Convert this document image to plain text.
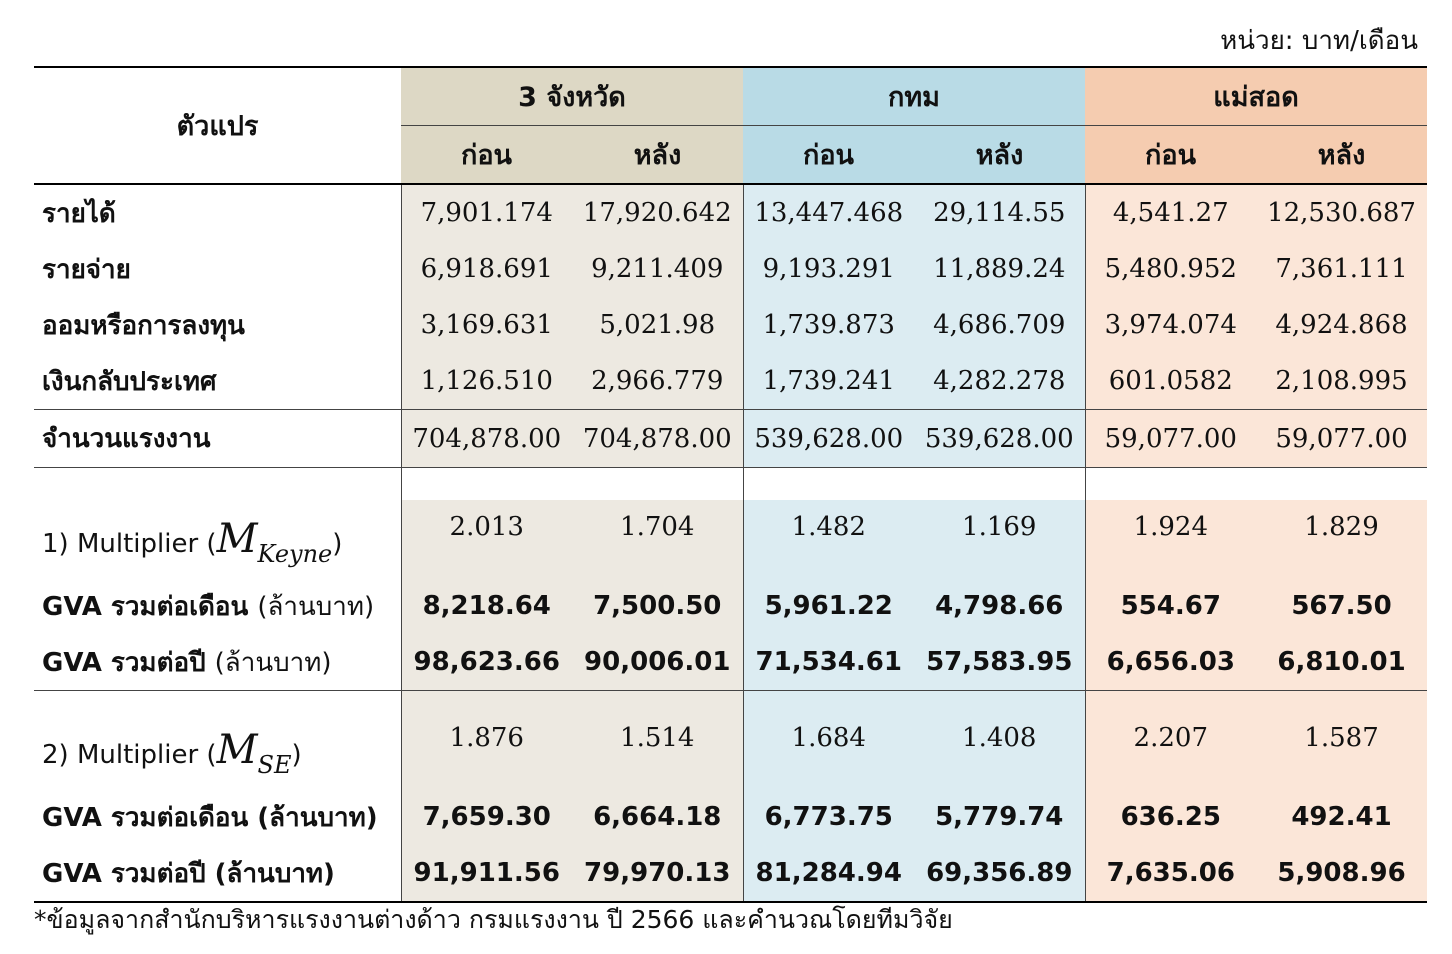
หน่วย: บาท/เดือน
ตัวแปร	3 จังหวัด		กทม		แม่สอด	
	ก่อน	หลัง	ก่อน	หลัง	ก่อน	หลัง
รายได้	7,901.174	17,920.642	13,447.468	29,114.55	4,541.27	12,530.687
รายจ่าย	6,918.691	9,211.409	9,193.291	11,889.24	5,480.952	7,361.111
ออมหรือการลงทุน	3,169.631	5,021.98	1,739.873	4,686.709	3,974.074	4,924.868
เงินกลับประเทศ	1,126.510	2,966.779	1,739.241	4,282.278	601.0582	2,108.995
จำนวนแรงงาน	704,878.00	704,878.00	539,628.00	539,628.00	59,077.00	59,077.00

1) Multiplier (MKeyne)	2.013	1.704	1.482	1.169	1.924	1.829
GVA รวมต่อเดือน (ล้านบาท)	8,218.64	7,500.50	5,961.22	4,798.66	554.67	567.50
GVA รวมต่อปี (ล้านบาท)	98,623.66	90,006.01	71,534.61	57,583.95	6,656.03	6,810.01

2) Multiplier (MSE)	1.876	1.514	1.684	1.408	2.207	1.587
GVA รวมต่อเดือน (ล้านบาท)	7,659.30	6,664.18	6,773.75	5,779.74	636.25	492.41
GVA รวมต่อปี (ล้านบาท)	91,911.56	79,970.13	81,284.94	69,356.89	7,635.06	5,908.96
*ข้อมูลจากสำนักบริหารแรงงานต่างด้าว กรมแรงงาน ปี 2566 และคำนวณโดยทีมวิจัย
